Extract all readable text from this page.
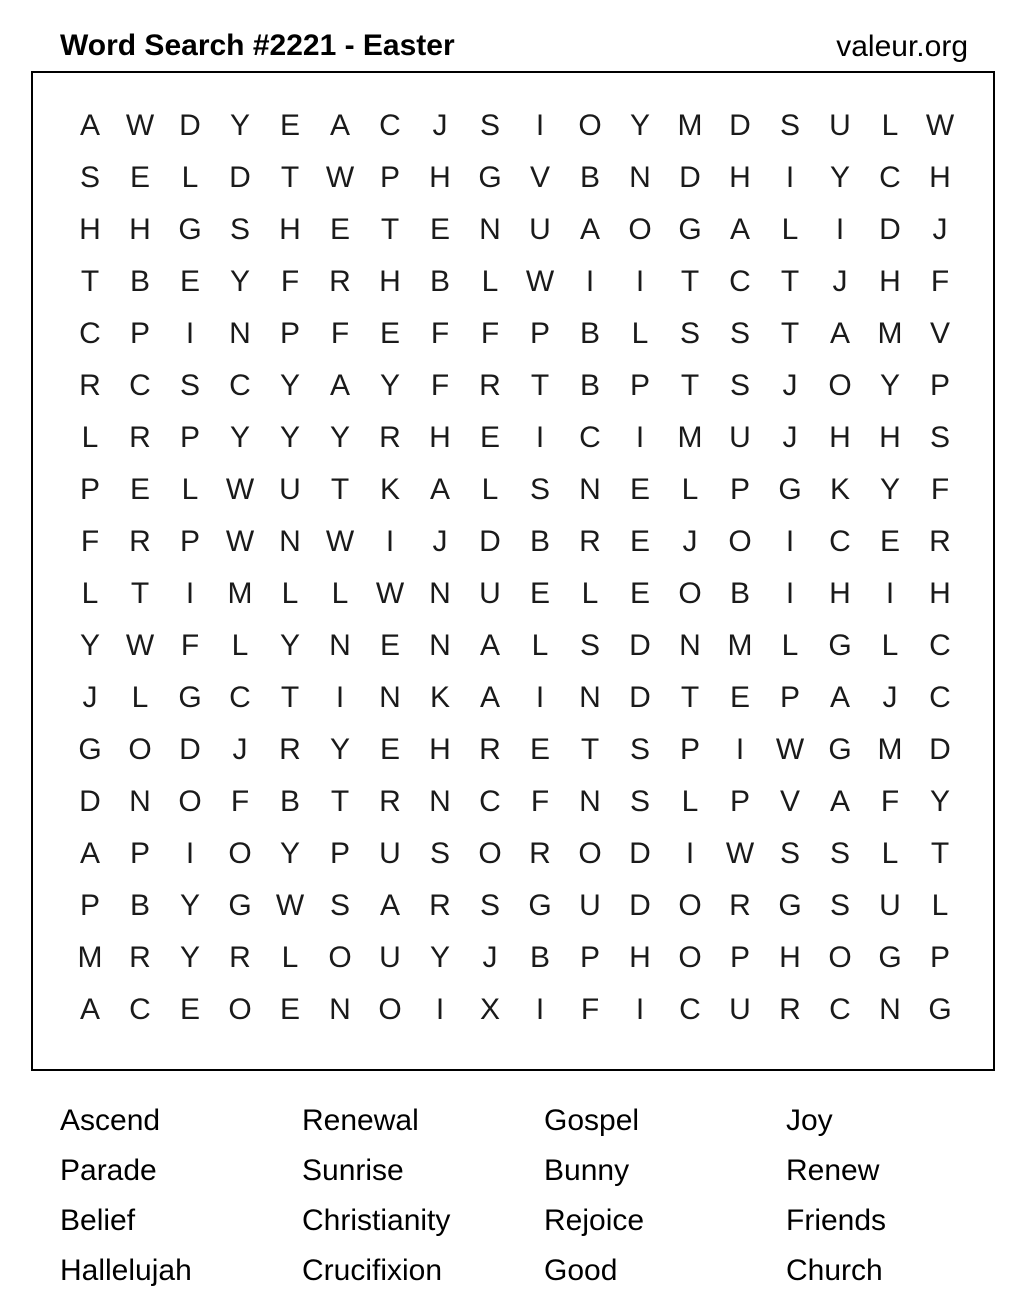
Word Search #2221 - Easter	valeur.org
A W D Y E A C	J	S	I	O Y M D S U	L W
S E	L	D	T W P H G V B N D H	I	Y C H
H H G S H E	T	E N U A O G A	L	I	D	J
T	B E Y	F	R H B	L W	I	I	T	C	T	J	H	F
C P	I	N P	F	E	F	F	P B	L	S S	T	A M V
R C S C Y A Y	F	R	T	B P	T	S	J	O Y P
L	R P Y Y Y R H E	I	C	I	M U	J	H H S
P E	L W U	T	K A	L	S N E	L	P G K Y	F
F	R P W N W	I	J	D B R E	J	O	I	C E R
L	T	I	M L	L W N U E	L	E O B	I	H	I	H
Y W F	L	Y N E N A	L	S D N M L G L	C
J	L G C	T	I	N K A	I	N D	T	E P A	J	C
G O D	J	R Y E H R E	T	S P	I	W G M D
D N O F	B	T	R N C	F	N S	L	P V A	F	Y
A P	I	O Y P U S O R O D	I	W S S	L	T
P B Y G W S A R S G U D O R G S U	L
M R Y R	L O U Y	J	B P H O P H O G P
A C E O E N O	I	X	I	F	I	C U R C N G
Ascend	Renewal	Gospel	Joy
Parade	Sunrise	Bunny	Renew
Belief	Christianity	Rejoice	Friends
Hallelujah	Crucifixion	Good	Church
